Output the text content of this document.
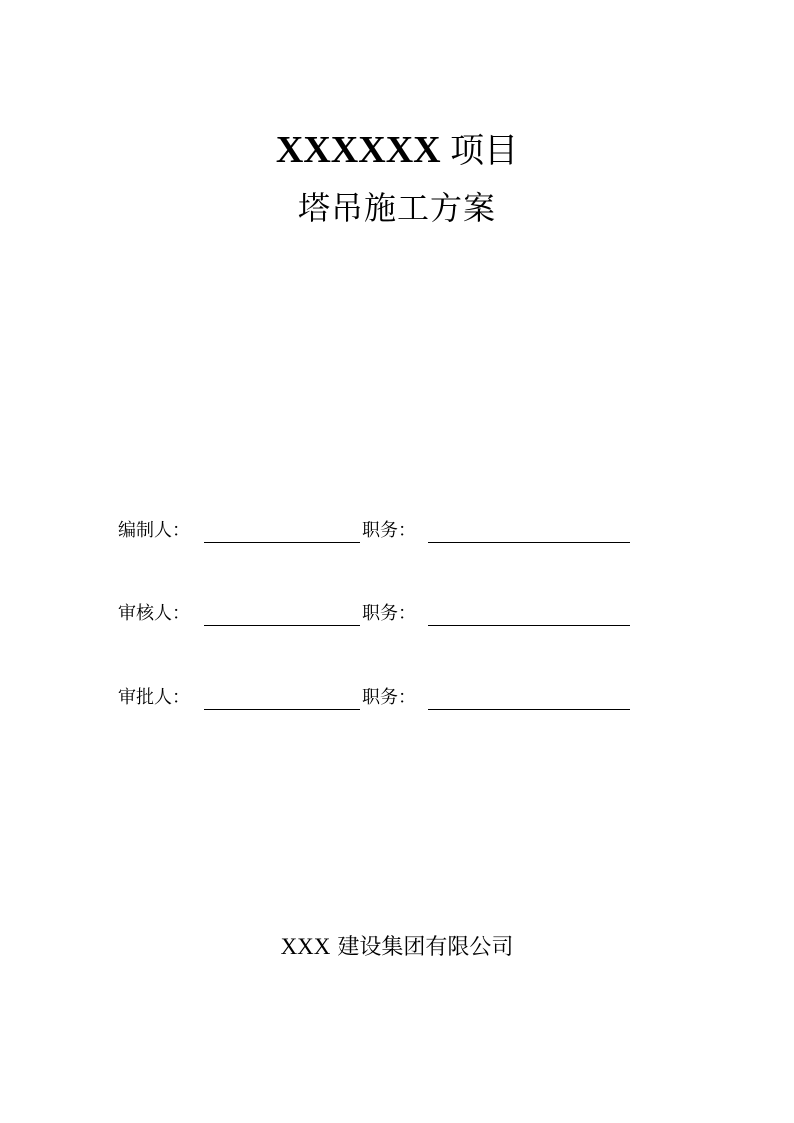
XXXXXX 项目
塔吊施工方案
编制人：	职务：
审核人：	职务：
审批人：	职务：
XXX 建设集团有限公司
